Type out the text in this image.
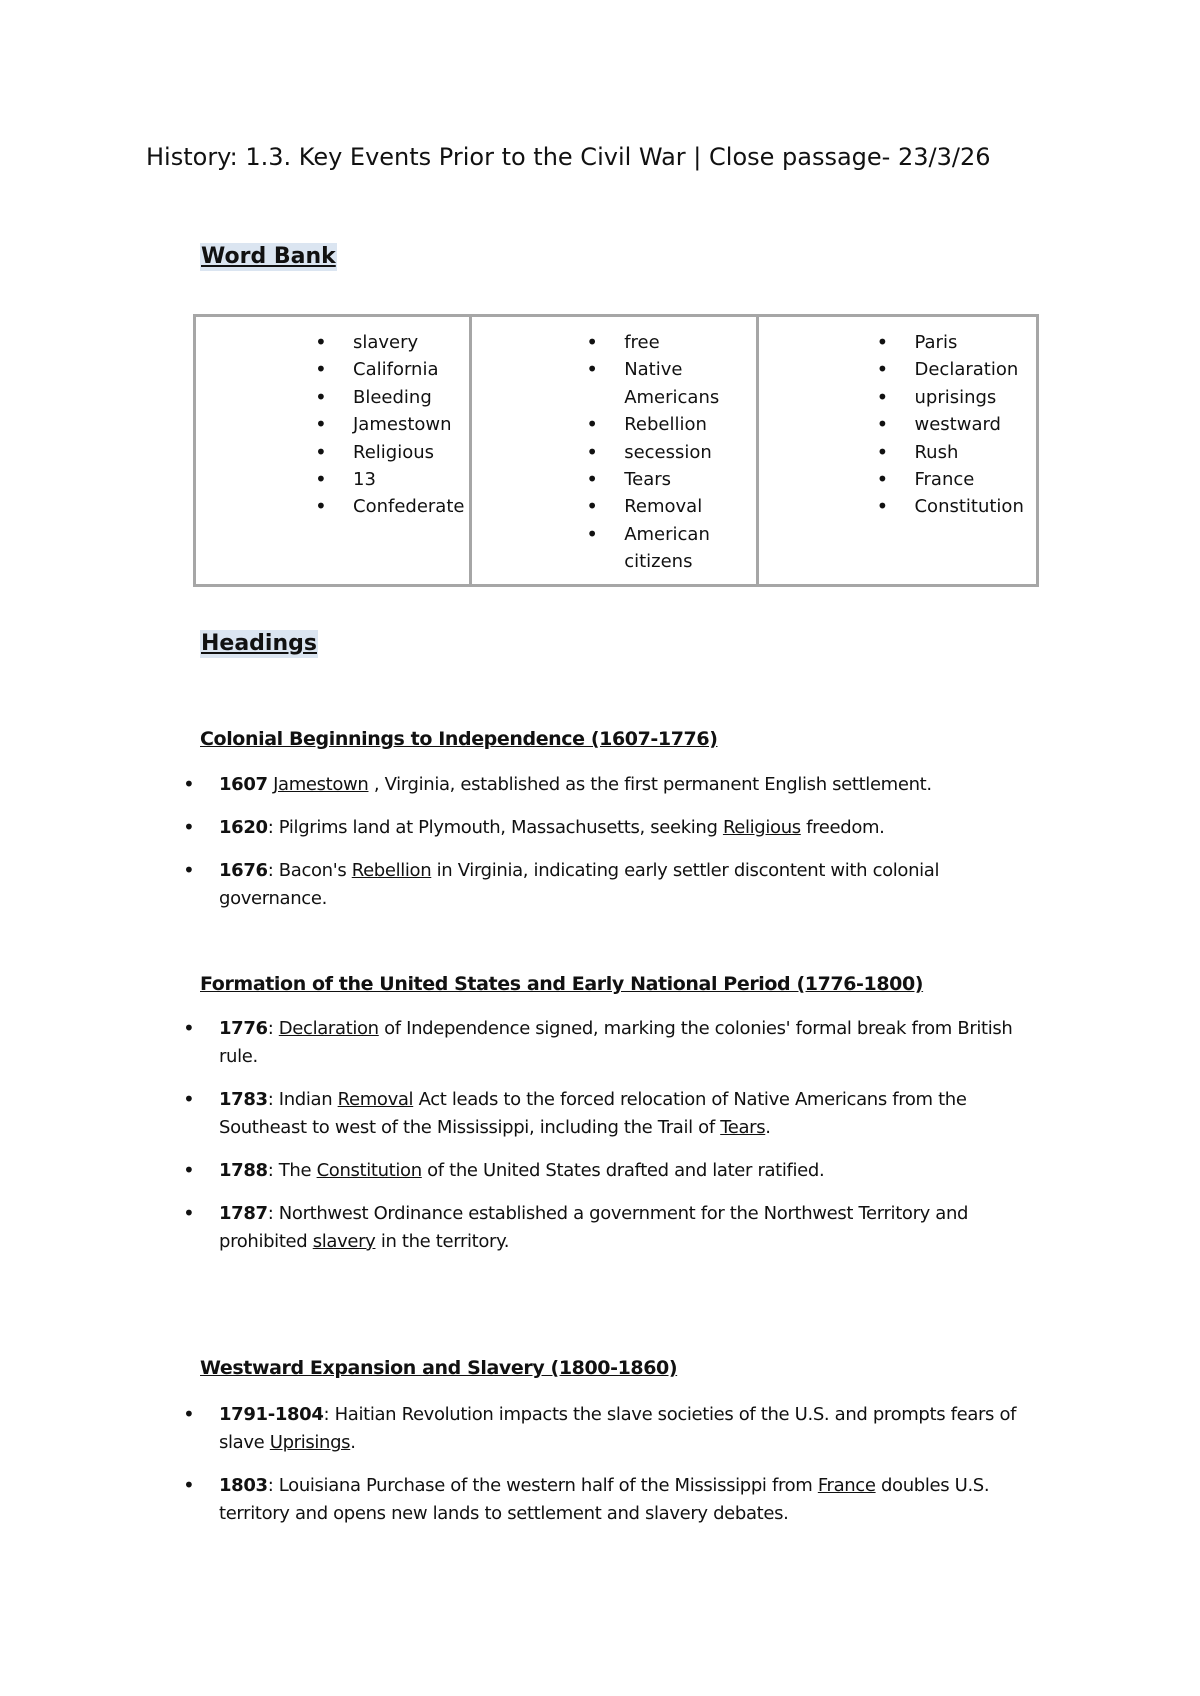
History: 1.3. Key Events Prior to the Civil War | Close passage- 23/3/26
Word Bank
• slavery
• California
• Bleeding
• Jamestown
• Religious
• 13
• Confederate

• free
• Native Americans
• Rebellion
• secession
• Tears
• Removal
• American citizens

• Paris
• Declaration
• uprisings
• westward
• Rush
• France
• Constitution
Headings
Colonial Beginnings to Independence (1607-1776)
• 1607 Jamestown , Virginia, established as the first permanent English settlement.
• 1620: Pilgrims land at Plymouth, Massachusetts, seeking Religious freedom.
• 1676: Bacon's Rebellion in Virginia, indicating early settler discontent with colonial governance.
Formation of the United States and Early National Period (1776-1800)
• 1776: Declaration of Independence signed, marking the colonies' formal break from British rule.
• 1783: Indian Removal Act leads to the forced relocation of Native Americans from the Southeast to west of the Mississippi, including the Trail of Tears.
• 1788: The Constitution of the United States drafted and later ratified.
• 1787: Northwest Ordinance established a government for the Northwest Territory and prohibited slavery in the territory.
Westward Expansion and Slavery (1800-1860)
• 1791-1804: Haitian Revolution impacts the slave societies of the U.S. and prompts fears of slave Uprisings.
• 1803: Louisiana Purchase of the western half of the Mississippi from France doubles U.S. territory and opens new lands to settlement and slavery debates.
